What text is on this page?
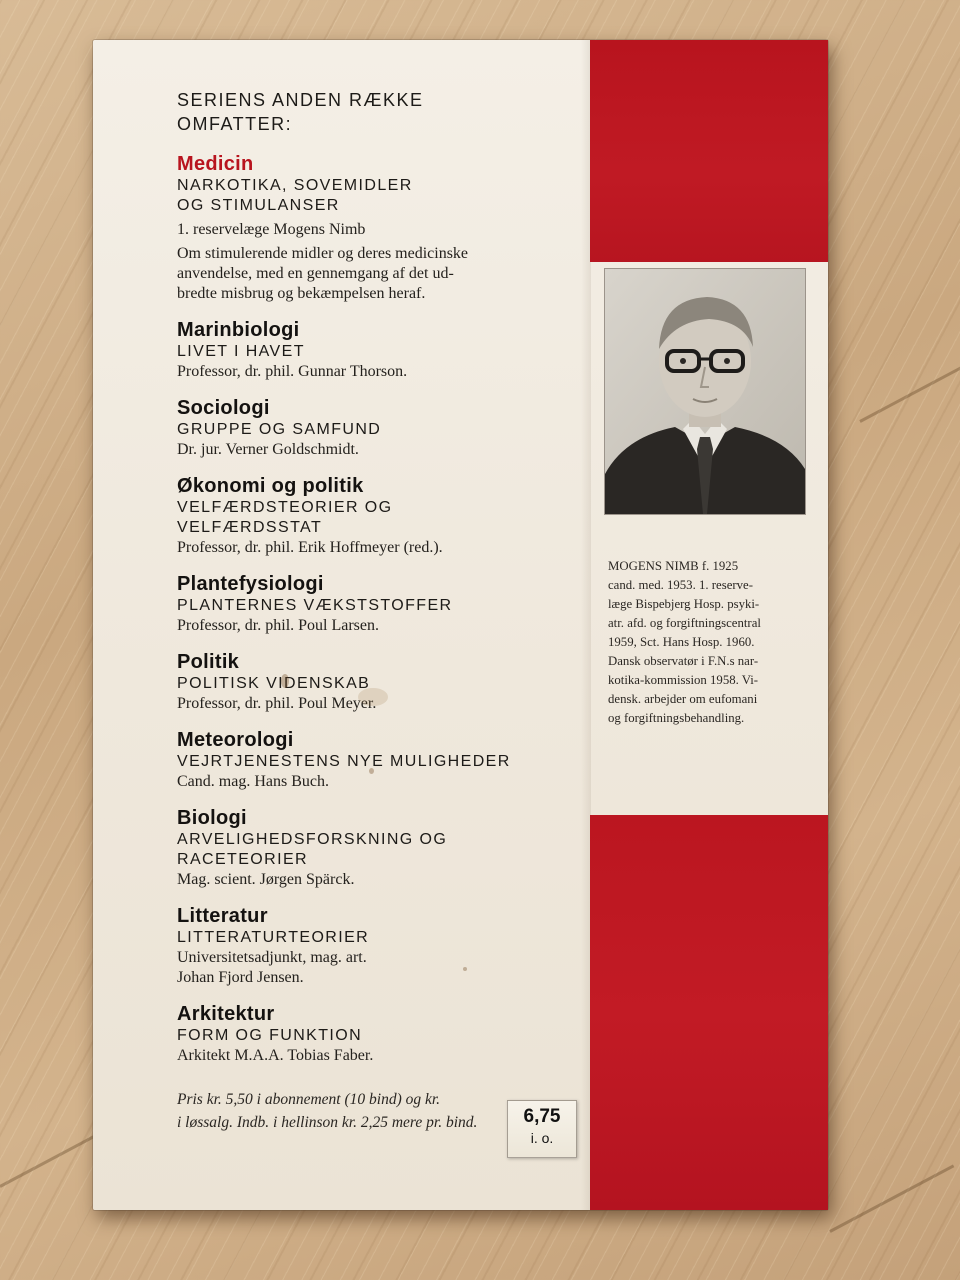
SERIENS ANDEN RÆKKE

OMFATTER:

Medicin
NARKOTIKA, SOVEMIDLER
OG STIMULANSER
1. reservelæge Mogens Nimb
Om stimulerende midler og deres medicinske
anvendelse, med en gennemgang af det ud-
bredte misbrug og bekæmpelsen heraf.
Marinbiologi
LIVET I HAVET
Professor, dr. phil. Gunnar Thorson.
Sociologi
GRUPPE OG SAMFUND
Dr. jur. Verner Goldschmidt.
Økonomi og politik
VELFÆRDSTEORIER OG
VELFÆRDSSTAT
Professor, dr. phil. Erik Hoffmeyer (red.).
Plantefysiologi
PLANTERNES VÆKSTSTOFFER
Professor, dr. phil. Poul Larsen.
Politik
POLITISK VIDENSKAB
Professor, dr. phil. Poul Meyer.
Meteorologi
VEJRTJENESTENS NYE MULIGHEDER
Cand. mag. Hans Buch.
Biologi
ARVELIGHEDSFORSKNING OG
RACETEORIER
Mag. scient. Jørgen Spärck.
Litteratur
LITTERATURTEORIER
Universitetsadjunkt, mag. art.
Johan Fjord Jensen.
Arkitektur
FORM OG FUNKTION
Arkitekt M.A.A. Tobias Faber.
Pris kr. 5,50 i abonnement (10 bind) og kr.
i løssalg. Indb. i hellinson kr. 2,25 mere pr. bind.	6,75
i. o.
MOGENS NIMB f. 1925
cand. med. 1953. 1. reserve-
læge Bispebjerg Hosp. psyki-
atr. afd. og forgiftningscentral
1959, Sct. Hans Hosp. 1960.
Dansk observatør i F.N.s nar-
kotika-kommission 1958. Vi-
densk. arbejder om eufomani
og forgiftningsbehandling.
